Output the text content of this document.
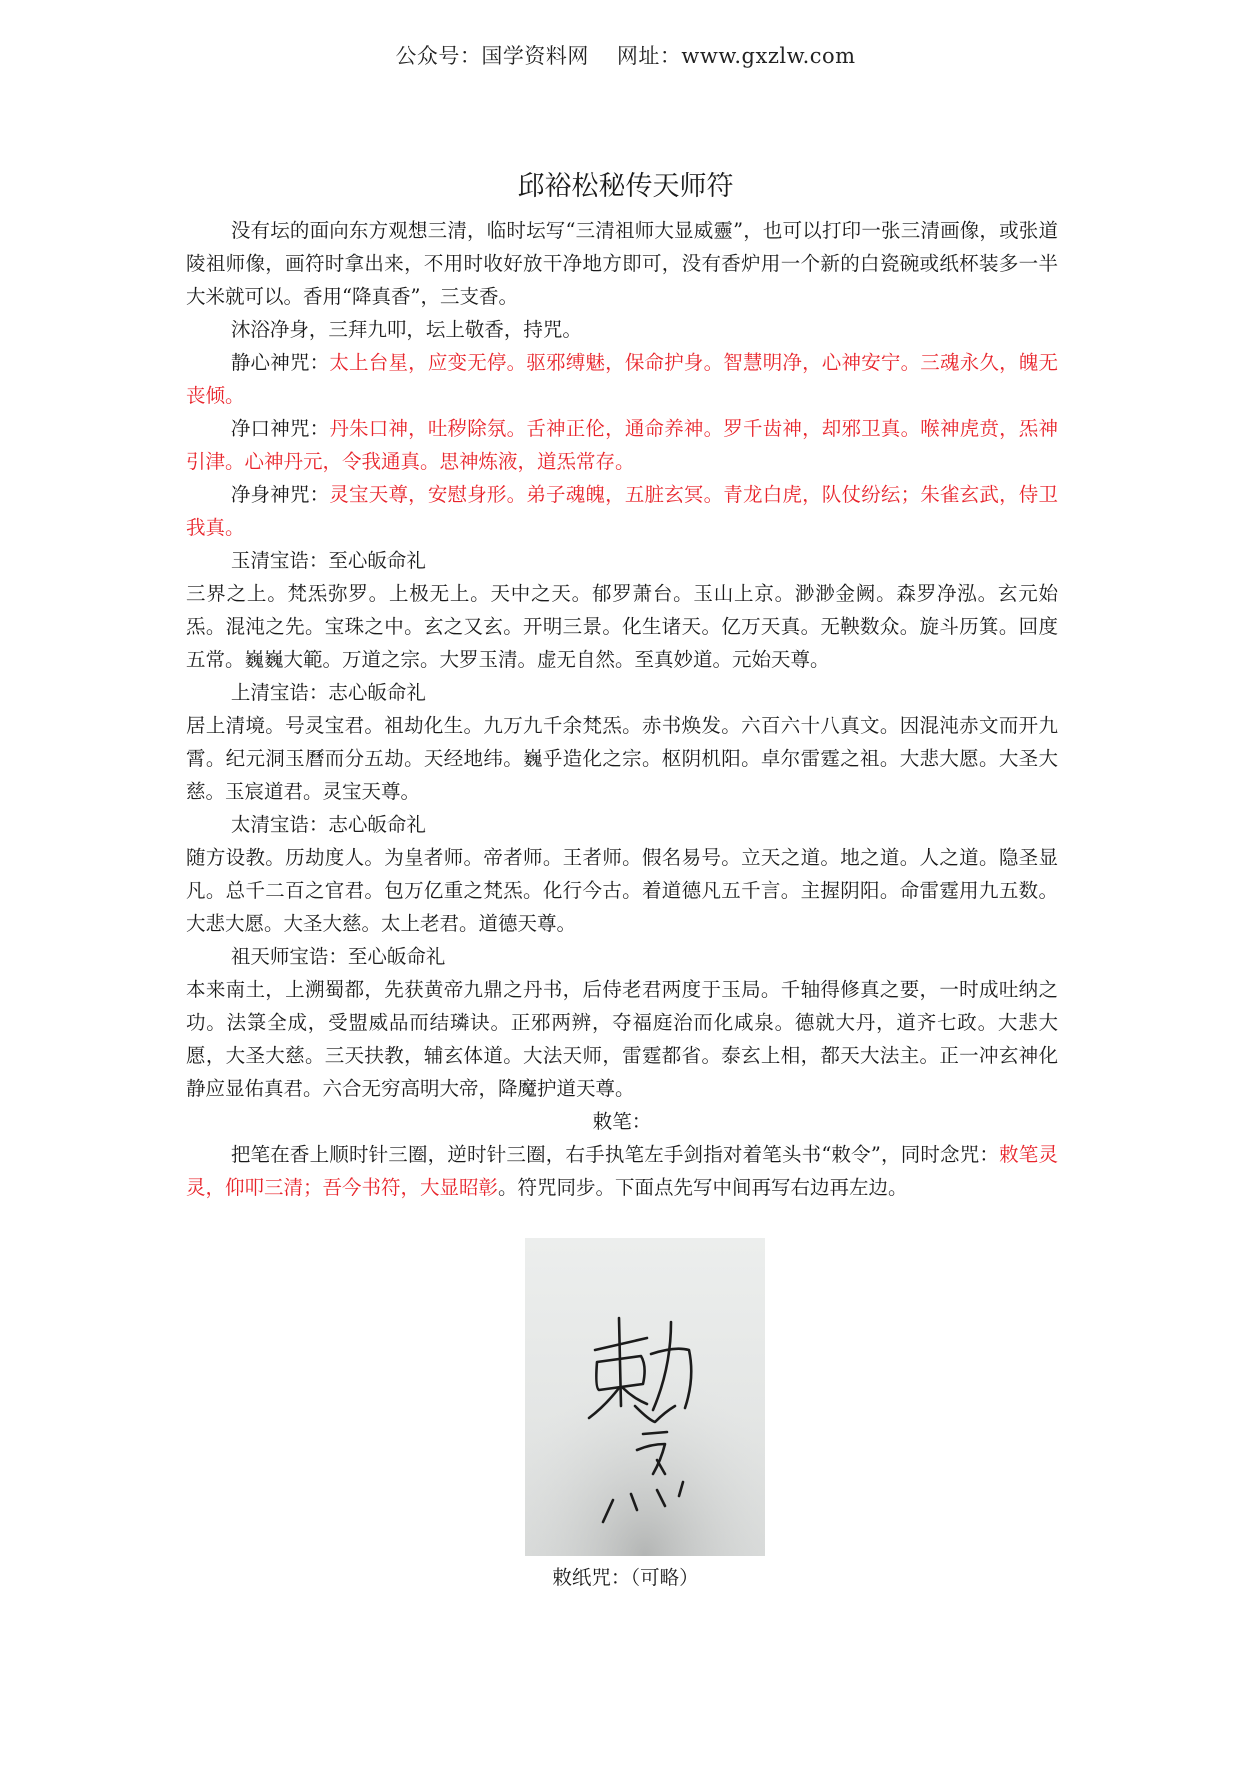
公众号：国学资料网 网址：www.gxzlw.com
邱裕松秘传天师符

没有坛的面向东方观想三清，临时坛写“三清祖师大显威靈”，也可以打印一张三清画像，或张道陵祖师像，画符时拿出来，不用时收好放干净地方即可，没有香炉用一个新的白瓷碗或纸杯装多一半大米就可以。香用“降真香”，三支香。

沐浴净身，三拜九叩，坛上敬香，持咒。

静心神咒：太上台星，应变无停。驱邪缚魅，保命护身。智慧明净，心神安宁。三魂永久，魄无丧倾。

净口神咒：丹朱口神，吐秽除氛。舌神正伦，通命养神。罗千齿神，却邪卫真。喉神虎贲，炁神引津。心神丹元，令我通真。思神炼液，道炁常存。

净身神咒：灵宝天尊，安慰身形。弟子魂魄，五脏玄冥。青龙白虎，队仗纷纭；朱雀玄武，侍卫我真。

玉清宝诰：至心皈命礼

三界之上。梵炁弥罗。上极无上。天中之天。郁罗萧台。玉山上京。渺渺金阙。森罗净泓。玄元始炁。混沌之先。宝珠之中。玄之又玄。开明三景。化生诸天。亿万天真。无鞅数众。旋斗历箕。回度五常。巍巍大範。万道之宗。大罗玉清。虚无自然。至真妙道。元始天尊。

上清宝诰：志心皈命礼

居上清境。号灵宝君。祖劫化生。九万九千余梵炁。赤书焕发。六百六十八真文。因混沌赤文而开九霄。纪元洞玉曆而分五劫。天经地纬。巍乎造化之宗。枢阴机阳。卓尔雷霆之祖。大悲大愿。大圣大慈。玉宸道君。灵宝天尊。

太清宝诰：志心皈命礼

随方设教。历劫度人。为皇者师。帝者师。王者师。假名易号。立天之道。地之道。人之道。隐圣显凡。总千二百之官君。包万亿重之梵炁。化行今古。着道德凡五千言。主握阴阳。命雷霆用九五数。大悲大愿。大圣大慈。太上老君。道德天尊。

祖天师宝诰：至心皈命礼

本来南土，上溯蜀都，先获黄帝九鼎之丹书，后侍老君两度于玉局。千轴得修真之要，一时成吐纳之功。法箓全成，受盟威品而结璘诀。正邪两辨，夺福庭治而化咸泉。德就大丹，道齐七政。大悲大愿，大圣大慈。三天扶教，辅玄体道。大法天师，雷霆都省。泰玄上相，都天大法主。正一冲玄神化静应显佑真君。六合无穷高明大帝，降魔护道天尊。

敕笔：

把笔在香上顺时针三圈，逆时针三圈，右手执笔左手剑指对着笔头书“敕令”，同时念咒：敕笔灵灵，仰叩三清；吾今书符，大显昭彰。符咒同步。下面点先写中间再写右边再左边。

敕纸咒：（可略）
